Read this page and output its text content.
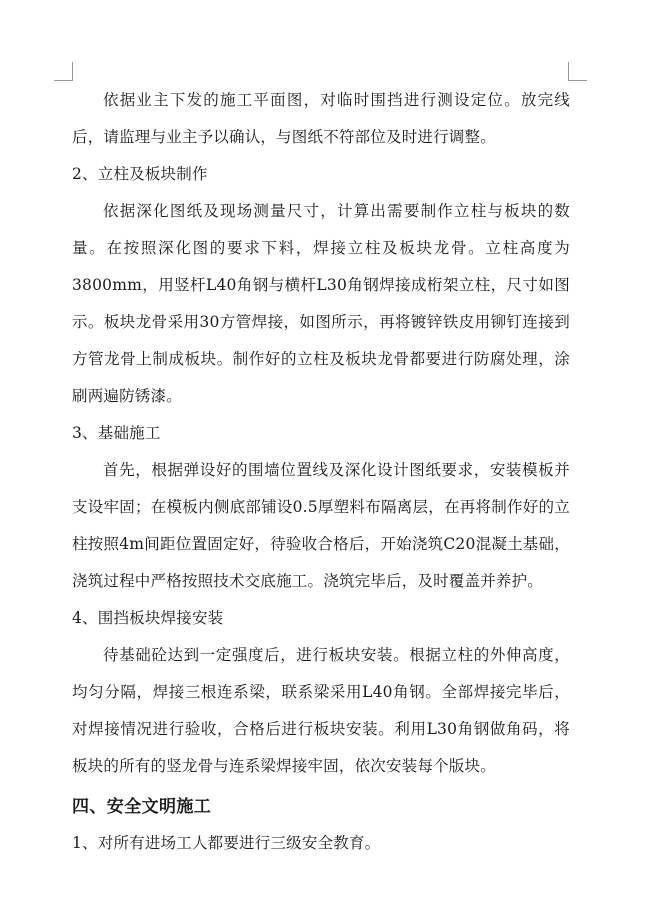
依据业主下发的施工平面图，对临时围挡进行测设定位。放完线后，请监理与业主予以确认，与图纸不符部位及时进行调整。

2、立柱及板块制作

依据深化图纸及现场测量尺寸，计算出需要制作立柱与板块的数量。在按照深化图的要求下料，焊接立柱及板块龙骨。立柱高度为3800mm，用竖杆L40角钢与横杆L30角钢焊接成桁架立柱，尺寸如图示。板块龙骨采用30方管焊接，如图所示，再将镀锌铁皮用铆钉连接到方管龙骨上制成板块。制作好的立柱及板块龙骨都要进行防腐处理，涂刷两遍防锈漆。

3、基础施工

首先，根据弹设好的围墙位置线及深化设计图纸要求，安装模板并支设牢固；在模板内侧底部铺设0.5厚塑料布隔离层，在再将制作好的立柱按照4m间距位置固定好，待验收合格后，开始浇筑C20混凝土基础，浇筑过程中严格按照技术交底施工。浇筑完毕后，及时覆盖并养护。

4、围挡板块焊接安装

待基础砼达到一定强度后，进行板块安装。根据立柱的外伸高度，均匀分隔，焊接三根连系梁，联系梁采用L40角钢。全部焊接完毕后，对焊接情况进行验收，合格后进行板块安装。利用L30角钢做角码，将板块的所有的竖龙骨与连系梁焊接牢固，依次安装每个版块。

四、安全文明施工

1、对所有进场工人都要进行三级安全教育。
